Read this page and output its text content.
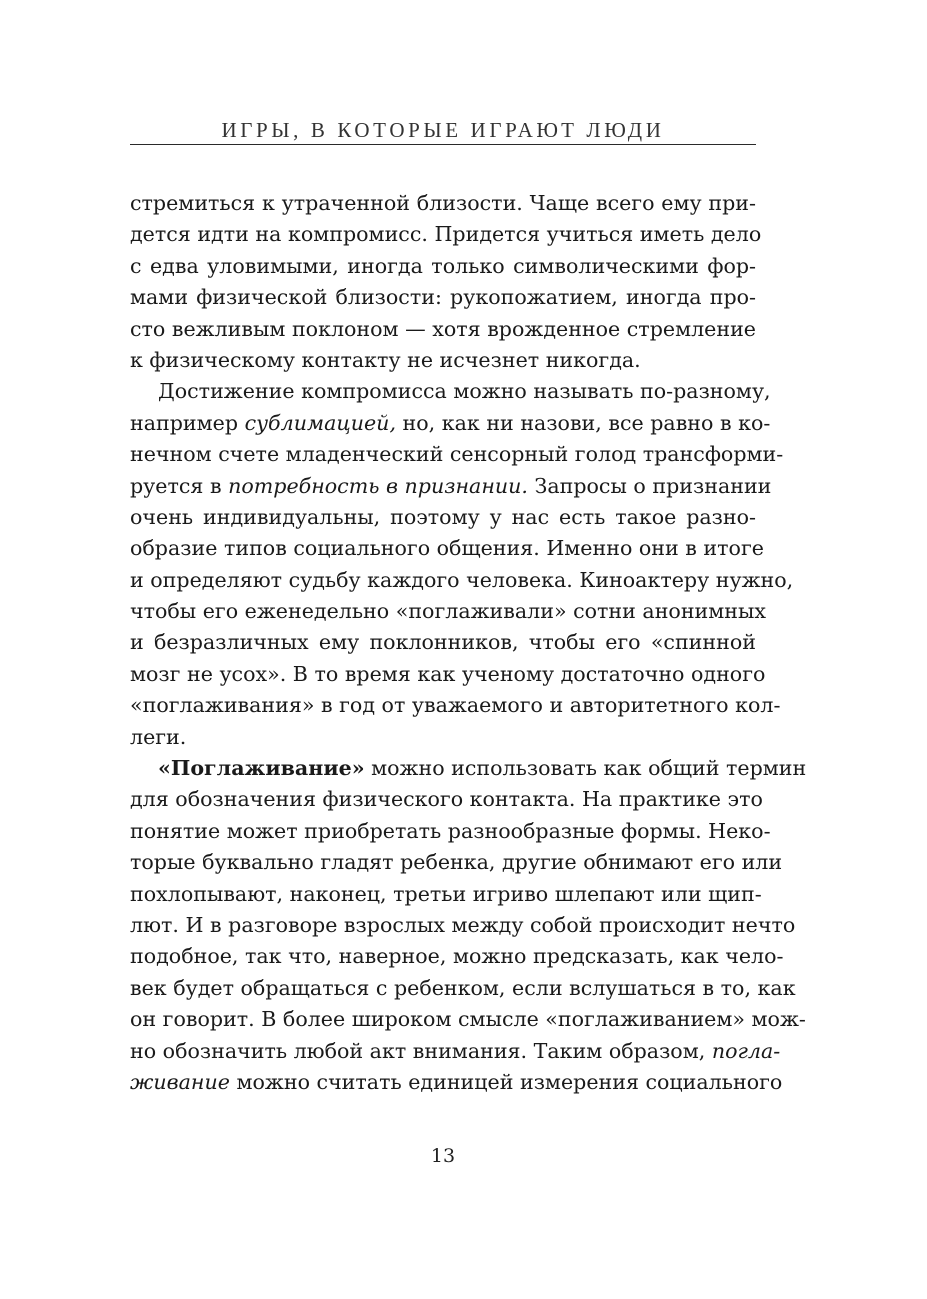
ИГРЫ, В КОТОРЫЕ ИГРАЮТ ЛЮДИ
стремиться к утраченной близости. Чаще всего ему при-
дется идти на компромисс. Придется учиться иметь дело
с едва уловимыми, иногда только символическими фор-
мами физической близости: рукопожатием, иногда про-
сто вежливым поклоном — хотя врожденное стремление
к физическому контакту не исчезнет никогда.
Достижение компромисса можно называть по-разному,
например сублимацией, но, как ни назови, все равно в ко-
нечном счете младенческий сенсорный голод трансформи-
руется в потребность в признании. Запросы о признании
очень индивидуальны, поэтому у нас есть такое разно-
образие типов социального общения. Именно они в итоге
и определяют судьбу каждого человека. Киноактеру нужно,
чтобы его еженедельно «поглаживали» сотни анонимных
и безразличных ему поклонников, чтобы его «спинной
мозг не усох». В то время как ученому достаточно одного
«поглаживания» в год от уважаемого и авторитетного кол-
леги.
«Поглаживание» можно использовать как общий термин
для обозначения физического контакта. На практике это
понятие может приобретать разнообразные формы. Неко-
торые буквально гладят ребенка, другие обнимают его или
похлопывают, наконец, третьи игриво шлепают или щип-
лют. И в разговоре взрослых между собой происходит нечто
подобное, так что, наверное, можно предсказать, как чело-
век будет обращаться с ребенком, если вслушаться в то, как
он говорит. В более широком смысле «поглаживанием» мож-
но обозначить любой акт внимания. Таким образом, погла-
живание можно считать единицей измерения социального
13
